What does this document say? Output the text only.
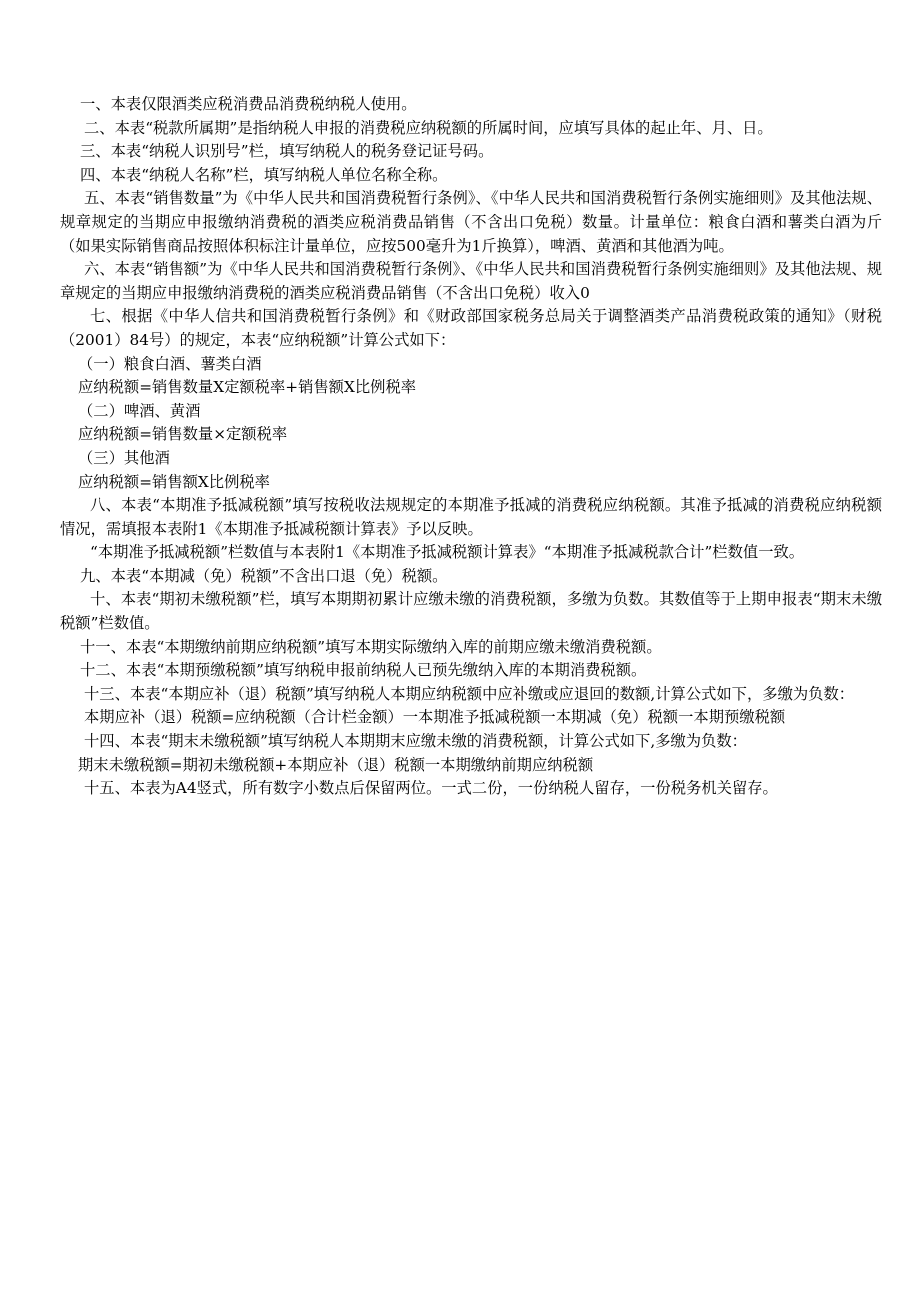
一、本表仅限酒类应税消费品消费税纳税人使用。

二、本表“税款所属期”是指纳税人申报的消费税应纳税额的所属时间，应填写具体的起止年、月、日。

三、本表“纳税人识别号”栏，填写纳税人的税务登记证号码。

四、本表“纳税人名称”栏，填写纳税人单位名称全称。

五、本表“销售数量”为《中华人民共和国消费税暂行条例》、《中华人民共和国消费税暂行条例实施细则》及其他法规、规章规定的当期应申报缴纳消费税的酒类应税消费品销售（不含出口免税）数量。计量单位：粮食白酒和薯类白酒为斤（如果实际销售商品按照体积标注计量单位，应按500毫升为1斤换算），啤酒、黄酒和其他酒为吨。

六、本表“销售额”为《中华人民共和国消费税暂行条例》、《中华人民共和国消费税暂行条例实施细则》及其他法规、规章规定的当期应申报缴纳消费税的酒类应税消费品销售（不含出口免税）收入0

七、根据《中华人信共和国消费税暂行条例》和《财政部国家税务总局关于调整酒类产品消费税政策的通知》（财税（2001）84号）的规定，本表“应纳税额”计算公式如下：

（一）粮食白酒、薯类白酒

应纳税额=销售数量X定额税率+销售额X比例税率

（二）啤酒、黄酒

应纳税额=销售数量×定额税率

（三）其他酒

应纳税额=销售额X比例税率

八、本表“本期准予抵减税额”填写按税收法规规定的本期准予抵减的消费税应纳税额。其准予抵减的消费税应纳税额情况，需填报本表附1《本期准予抵减税额计算表》予以反映。

“本期准予抵减税额”栏数值与本表附1《本期准予抵减税额计算表》“本期准予抵减税款合计”栏数值一致。

九、本表“本期减（免）税额”不含出口退（免）税额。

十、本表“期初未缴税额”栏，填写本期期初累计应缴未缴的消费税额，多缴为负数。其数值等于上期申报表“期末未缴税额”栏数值。

十一、本表“本期缴纳前期应纳税额”填写本期实际缴纳入库的前期应缴未缴消费税额。

十二、本表“本期预缴税额”填写纳税申报前纳税人已预先缴纳入库的本期消费税额。

十三、本表“本期应补（退）税额”填写纳税人本期应纳税额中应补缴或应退回的数额,计算公式如下，多缴为负数：

本期应补（退）税额=应纳税额（合计栏金额）一本期准予抵减税额一本期减（免）税额一本期预缴税额

十四、本表“期末未缴税额”填写纳税人本期期末应缴未缴的消费税额，计算公式如下,多缴为负数：

期末未缴税额=期初未缴税额+本期应补（退）税额一本期缴纳前期应纳税额

十五、本表为A4竖式，所有数字小数点后保留两位。一式二份，一份纳税人留存，一份税务机关留存。
